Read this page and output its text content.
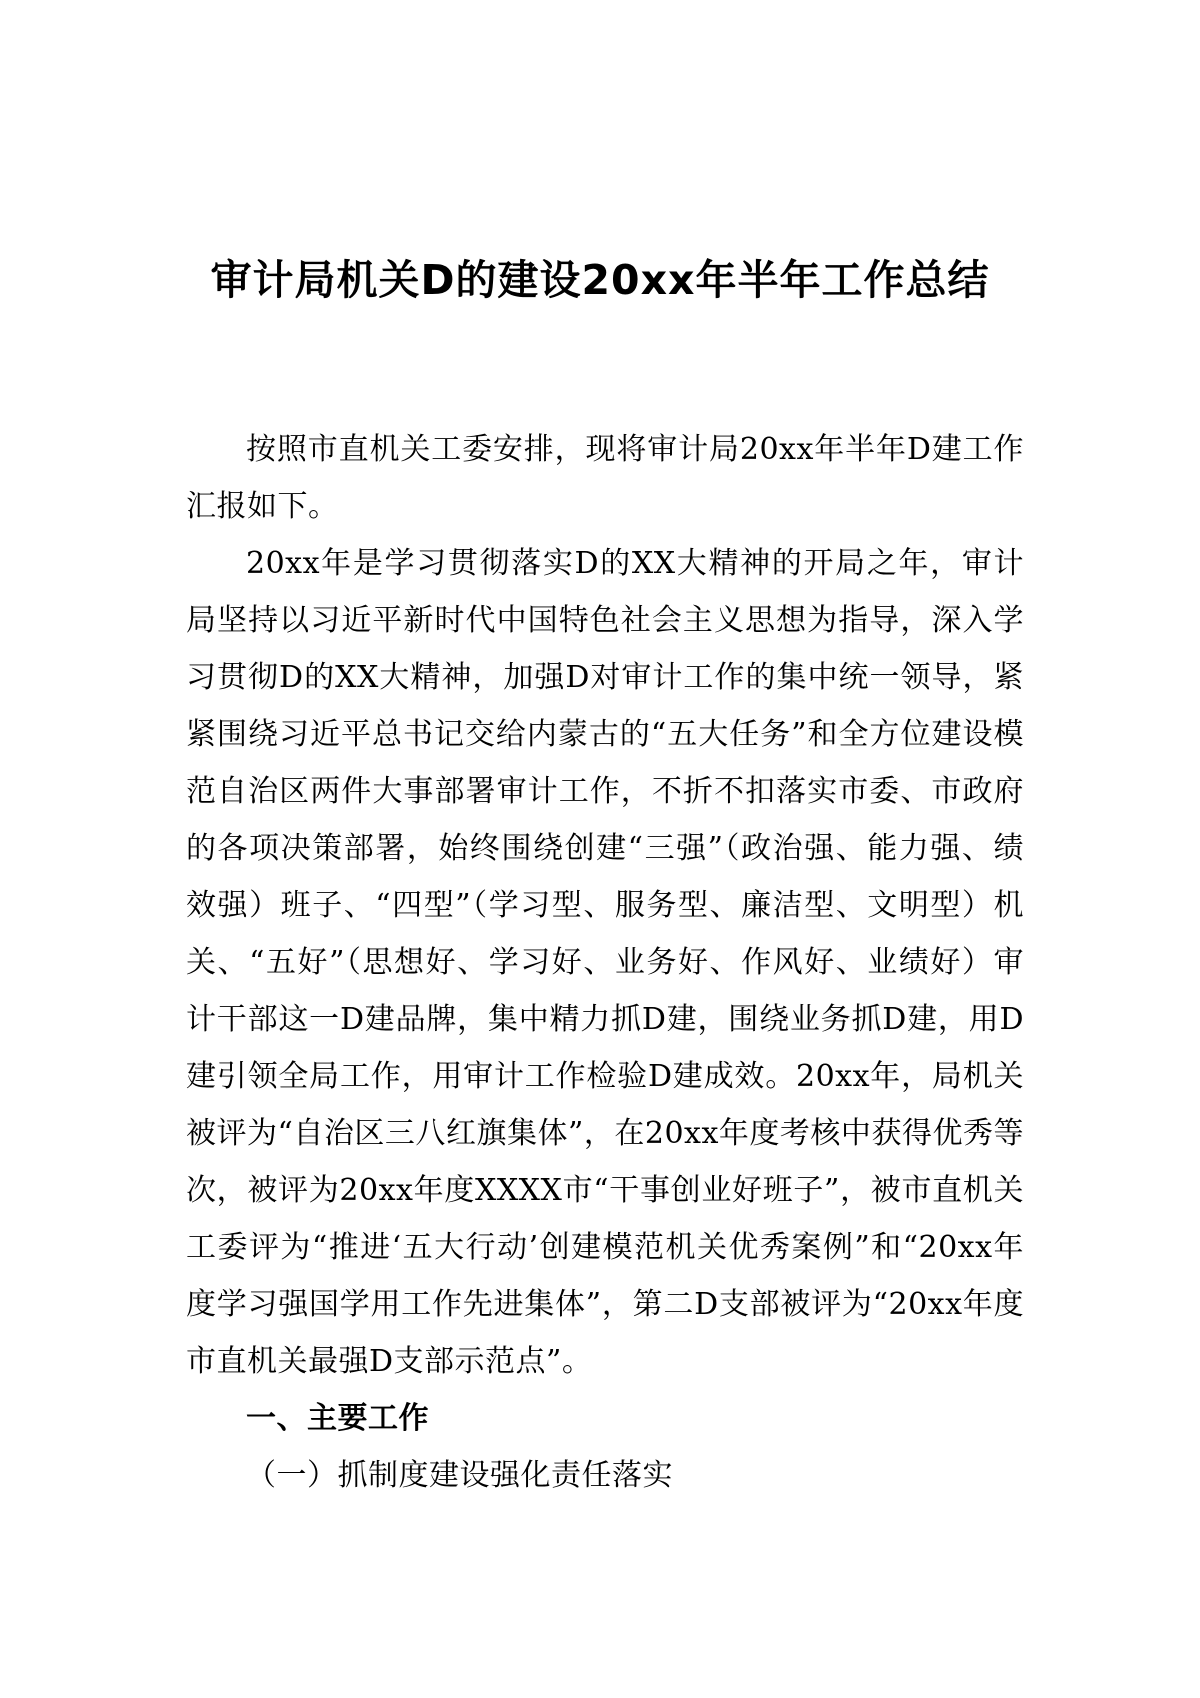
审计局机关D的建设20xx年半年工作总结

按照市直机关工委安排，现将审计局20xx年半年D建工作汇报如下。

20xx年是学习贯彻落实D的XX大精神的开局之年，审计局坚持以习近平新时代中国特色社会主义思想为指导，深入学习贯彻D的XX大精神，加强D对审计工作的集中统一领导，紧紧围绕习近平总书记交给内蒙古的“五大任务”和全方位建设模范自治区两件大事部署审计工作，不折不扣落实市委、市政府的各项决策部署，始终围绕创建“三强”（政治强、能力强、绩效强）班子、“四型”（学习型、服务型、廉洁型、文明型）机关、“五好”（思想好、学习好、业务好、作风好、业绩好）审计干部这一D建品牌，集中精力抓D建，围绕业务抓D建，用D建引领全局工作，用审计工作检验D建成效。20xx年，局机关被评为“自治区三八红旗集体”，在20xx年度考核中获得优秀等次，被评为20xx年度XXXX市“干事创业好班子”，被市直机关工委评为“推进‘五大行动’创建模范机关优秀案例”和“20xx年度学习强国学用工作先进集体”，第二D支部被评为“20xx年度市直机关最强D支部示范点”。

一、主要工作
（一）抓制度建设强化责任落实
